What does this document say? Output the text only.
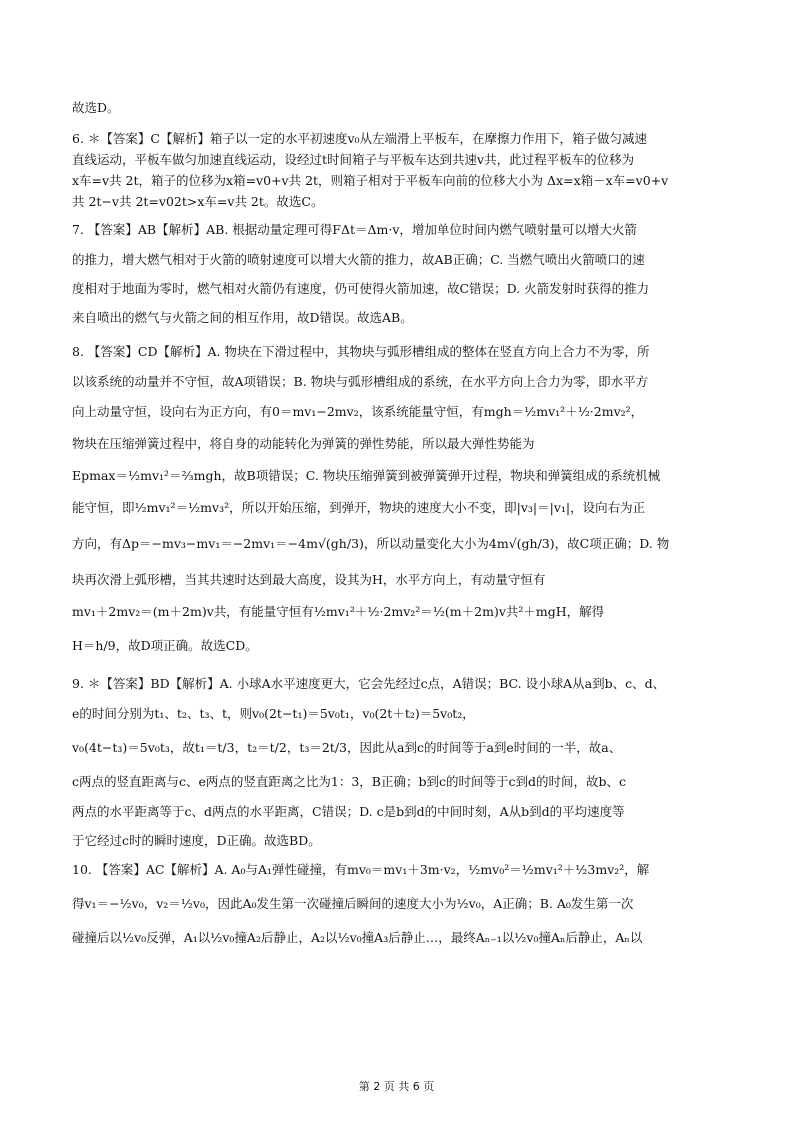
故选D。
6. ＊【答案】C【解析】箱子以一定的水平初速度v₀从左端滑上平板车，在摩擦力作用下，箱子做匀减速
直线运动，平板车做匀加速直线运动，设经过t时间箱子与平板车达到共速v共，此过程平板车的位移为
x车=v共 2t，箱子的位移为x箱=v0+v共 2t，则箱子相对于平板车向前的位移大小为 Δx=x箱－x车=v0+v
共 2t−v共 2t=v02t>x车=v共 2t。故选C。
7. 【答案】AB【解析】AB. 根据动量定理可得FΔt＝Δm·v，增加单位时间内燃气喷射量可以增大火箭
的推力，增大燃气相对于火箭的喷射速度可以增大火箭的推力，故AB正确；C. 当燃气喷出火箭喷口的速
度相对于地面为零时，燃气相对火箭仍有速度，仍可使得火箭加速，故C错误；D. 火箭发射时获得的推力
来自喷出的燃气与火箭之间的相互作用，故D错误。故选AB。
8. 【答案】CD【解析】A. 物块在下滑过程中，其物块与弧形槽组成的整体在竖直方向上合力不为零，所
以该系统的动量并不守恒，故A项错误；B. 物块与弧形槽组成的系统，在水平方向上合力为零，即水平方
向上动量守恒，设向右为正方向，有0＝mv₁−2mv₂，该系统能量守恒，有mgh＝½mv₁²＋½·2mv₂²，
物块在压缩弹簧过程中，将自身的动能转化为弹簧的弹性势能，所以最大弹性势能为
Epmax＝½mv₁²＝⅔mgh，故B项错误；C. 物块压缩弹簧到被弹簧弹开过程，物块和弹簧组成的系统机械
能守恒，即½mv₁²＝½mv₃²，所以开始压缩，到弹开，物块的速度大小不变，即|v₃|＝|v₁|，设向右为正
方向，有Δp＝−mv₃−mv₁＝−2mv₁＝−4m√(gh/3)，所以动量变化大小为4m√(gh/3)，故C项正确；D. 物
块再次滑上弧形槽，当其共速时达到最大高度，设其为H，水平方向上，有动量守恒有
mv₁＋2mv₂＝(m＋2m)v共，有能量守恒有½mv₁²＋½·2mv₂²＝½(m＋2m)v共²＋mgH，解得
H＝h/9，故D项正确。故选CD。
9. ＊【答案】BD【解析】A. 小球A水平速度更大，它会先经过c点，A错误；BC. 设小球A从a到b、c、d、
e的时间分别为t₁、t₂、t₃、t，则v₀(2t−t₁)＝5v₀t₁，v₀(2t＋t₂)＝5v₀t₂，
v₀(4t−t₃)＝5v₀t₃，故t₁＝t/3，t₂＝t/2，t₃＝2t/3，因此从a到c的时间等于a到e时间的一半，故a、
c两点的竖直距离与c、e两点的竖直距离之比为1：3，B正确；b到c的时间等于c到d的时间，故b、c
两点的水平距离等于c、d两点的水平距离，C错误；D. c是b到d的中间时刻，A从b到d的平均速度等
于它经过c时的瞬时速度，D正确。故选BD。
10. 【答案】AC【解析】A. A₀与A₁弹性碰撞，有mv₀＝mv₁＋3m·v₂，½mv₀²＝½mv₁²＋½3mv₂²，解
得v₁＝−½v₀，v₂＝½v₀，因此A₀发生第一次碰撞后瞬间的速度大小为½v₀，A正确；B. A₀发生第一次
碰撞后以½v₀反弹，A₁以½v₀撞A₂后静止，A₂以½v₀撞A₃后静止…，最终Aₙ₋₁以½v₀撞Aₙ后静止，Aₙ以
第 2 页 共 6 页
